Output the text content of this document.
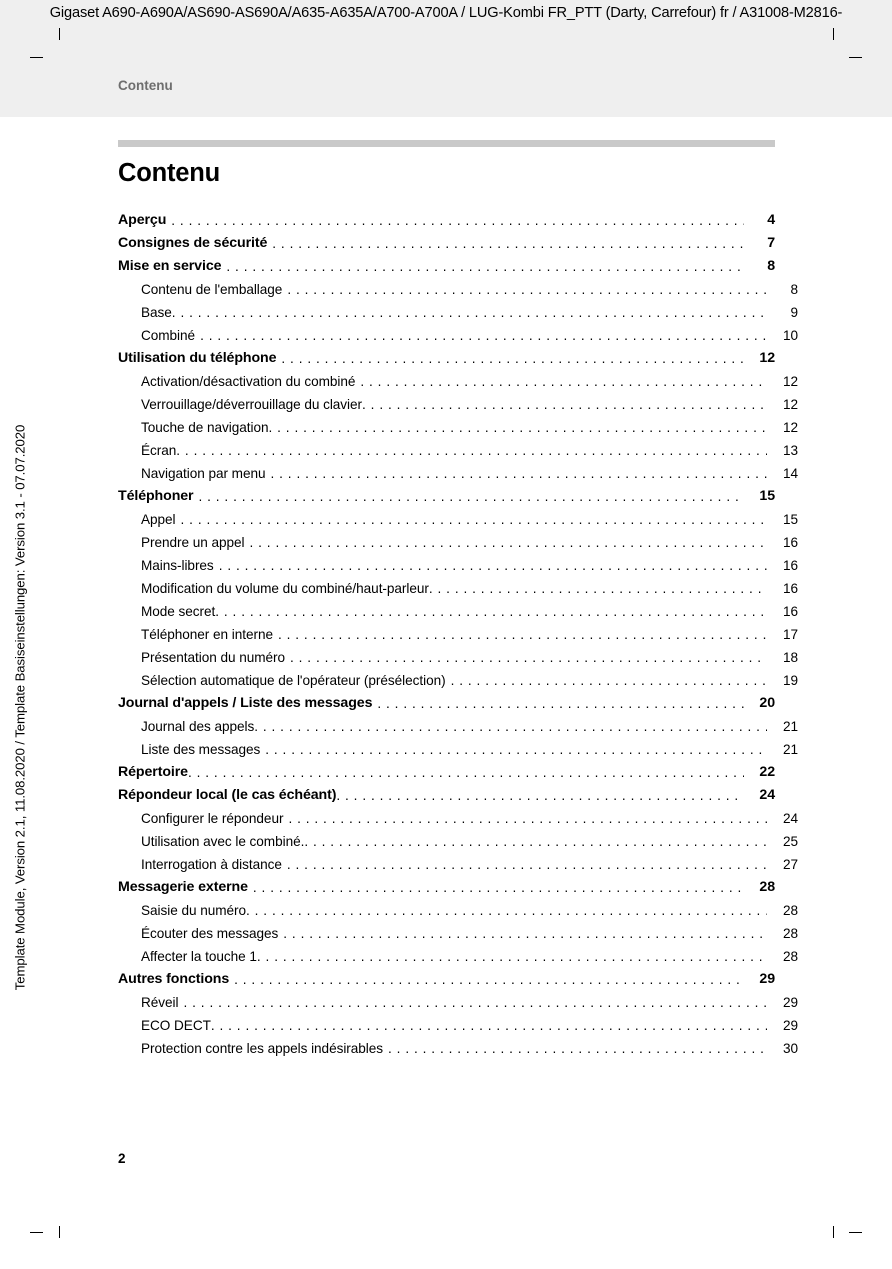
Gigaset A690-A690A/AS690-AS690A/A635-A635A/A700-A700A / LUG-Kombi FR_PTT (Darty, Carrefour) fr / A31008-M2816-
Contenu
Template Module, Version 2.1, 11.08.2020 / Template Basiseinstellungen: Version 3.1 - 07.07.2020
Contenu
Aperçu . . .	4
Consignes de sécurité . . .	7
Mise en service . . .	8
Contenu de l'emballage . . .	8
Base . . .	9
Combiné . . .	10
Utilisation du téléphone . . .	12
Activation/désactivation du combiné . . .	12
Verrouillage/déverrouillage du clavier . . .	12
Touche de navigation . . .	12
Écran . . .	13
Navigation par menu . . .	14
Téléphoner . . .	15
Appel . . .	15
Prendre un appel . . .	16
Mains-libres . . .	16
Modification du volume du combiné/haut-parleur . . .	16
Mode secret . . .	16
Téléphoner en interne . . .	17
Présentation du numéro . . .	18
Sélection automatique de l'opérateur (présélection) . . .	19
Journal d'appels / Liste des messages . . .	20
Journal des appels . . .	21
Liste des messages . . .	21
Répertoire . . .	22
Répondeur local (le cas échéant) . . .	24
Configurer le répondeur . . .	24
Utilisation avec le combiné. . . .	25
Interrogation à distance . . .	27
Messagerie externe . . .	28
Saisie du numéro . . .	28
Écouter des messages . . .	28
Affecter la touche 1 . . .	28
Autres fonctions . . .	29
Réveil . . .	29
ECO DECT . . .	29
Protection contre les appels indésirables . . .	30
2
